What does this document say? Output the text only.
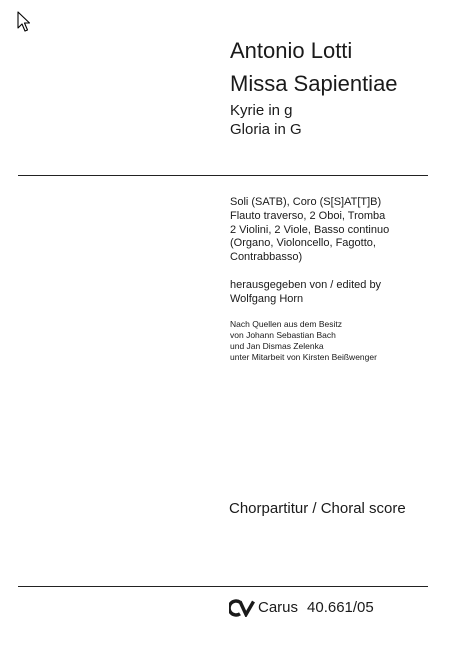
Antonio Lotti
Missa Sapientiae
Kyrie in g
Gloria in G
Soli (SATB), Coro (S[S]AT[T]B)
Flauto traverso, 2 Oboi, Tromba
2 Violini, 2 Viole, Basso continuo
(Organo, Violoncello, Fagotto,
Contrabbasso)
herausgegeben von / edited by
Wolfgang Horn
Nach Quellen aus dem Besitz
von Johann Sebastian Bach
und Jan Dismas Zelenka
unter Mitarbeit von Kirsten Beißwenger
Chorpartitur / Choral score
Carus 40.661/05
